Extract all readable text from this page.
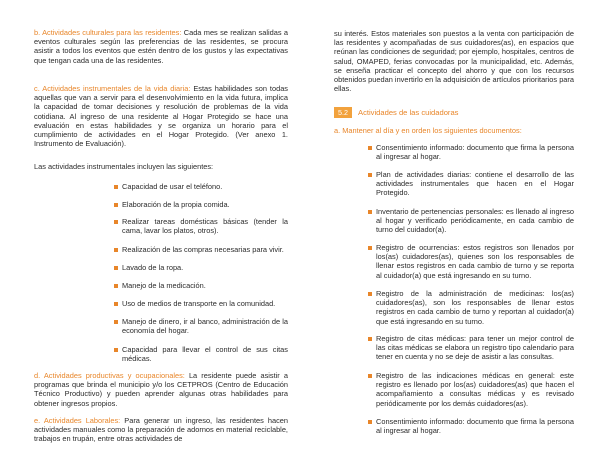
b. Actividades culturales para las residentes: Cada mes se realizan salidas a eventos culturales según las preferencias de las residentes, se procura asistir a todos los eventos que estén dentro de los gustos y las expectativas que tengan cada una de las residentes.

c. Actividades instrumentales de la vida diaria: Estas habilidades son todas aquellas que van a servir para el desenvolvimiento en la vida futura, implica la capacidad de tomar decisiones y resolución de problemas de la vida cotidiana. Al ingreso de una residente al Hogar Protegido se hace una evaluación en estas habilidades y se organiza un horario para el cumplimiento de actividades en el Hogar Protegido. (Ver anexo 1. Instrumento de Evaluación).

Las actividades instrumentales incluyen las siguientes:

Capacidad de usar el teléfono.
Elaboración de la propia comida.
Realizar tareas domésticas básicas (tender la cama, lavar los platos, otros).
Realización de las compras necesarias para vivir.
Lavado de la ropa.
Manejo de la medicación.
Uso de medios de transporte en la comunidad.
Manejo de dinero, ir al banco, administración de la economía del hogar.
Capacidad para llevar el control de sus citas médicas.

d. Actividades productivas y ocupacionales: La residente puede asistir a programas que brinda el municipio y/o los CETPROS (Centro de Educación Técnico Productivo) y pueden aprender algunas otras habilidades para obtener ingresos propios.

e. Actividades Laborales: Para generar un ingreso, las residentes hacen actividades manuales como la preparación de adornos en material reciclable, trabajos en trupán, entre otras actividades de

su interés. Estos materiales son puestos a la venta con participación de las residentes y acompañadas de sus cuidadores(as), en espacios que reúnan las condiciones de seguridad; por ejemplo, hospitales, centros de salud, OMAPED, ferias convocadas por la municipalidad, etc. Además, se enseña practicar el concepto del ahorro y que con los recursos obtenidos puedan invertirlo en la adquisición de artículos prioritarios para ellas.

5.2	Actividades de las cuidadoras

a. Mantener al día y en orden los siguientes documentos:

Consentimiento informado: documento que firma la persona al ingresar al hogar.
Plan de actividades diarias: contiene el desarrollo de las actividades instrumentales que hacen en el Hogar Protegido.
Inventario de pertenencias personales: es llenado al ingreso al hogar y verificado periódicamente, en cada cambio de turno del cuidador(a).
Registro de ocurrencias: estos registros son llenados por los(as) cuidadores(as), quienes son los responsables de llenar estos registros en cada cambio de turno y se reporta al cuidador(a) que está ingresando en su turno.
Registro de la administración de medicinas: los(as) cuidadores(as), son los responsables de llenar estos registros en cada cambio de turno y reportan al cuidador(a) que está ingresando en su turno.
Registro de citas médicas: para tener un mejor control de las citas médicas se elabora un registro tipo calendario para tener en cuenta y no se deje de asistir a las consultas.
Registro de las indicaciones médicas en general: este registro es llenado por los(as) cuidadores(as) que hacen el acompañamiento a consultas médicas y es revisado periódicamente por los demás cuidadores(as).
Consentimiento informado: documento que firma la persona al ingresar al hogar.
